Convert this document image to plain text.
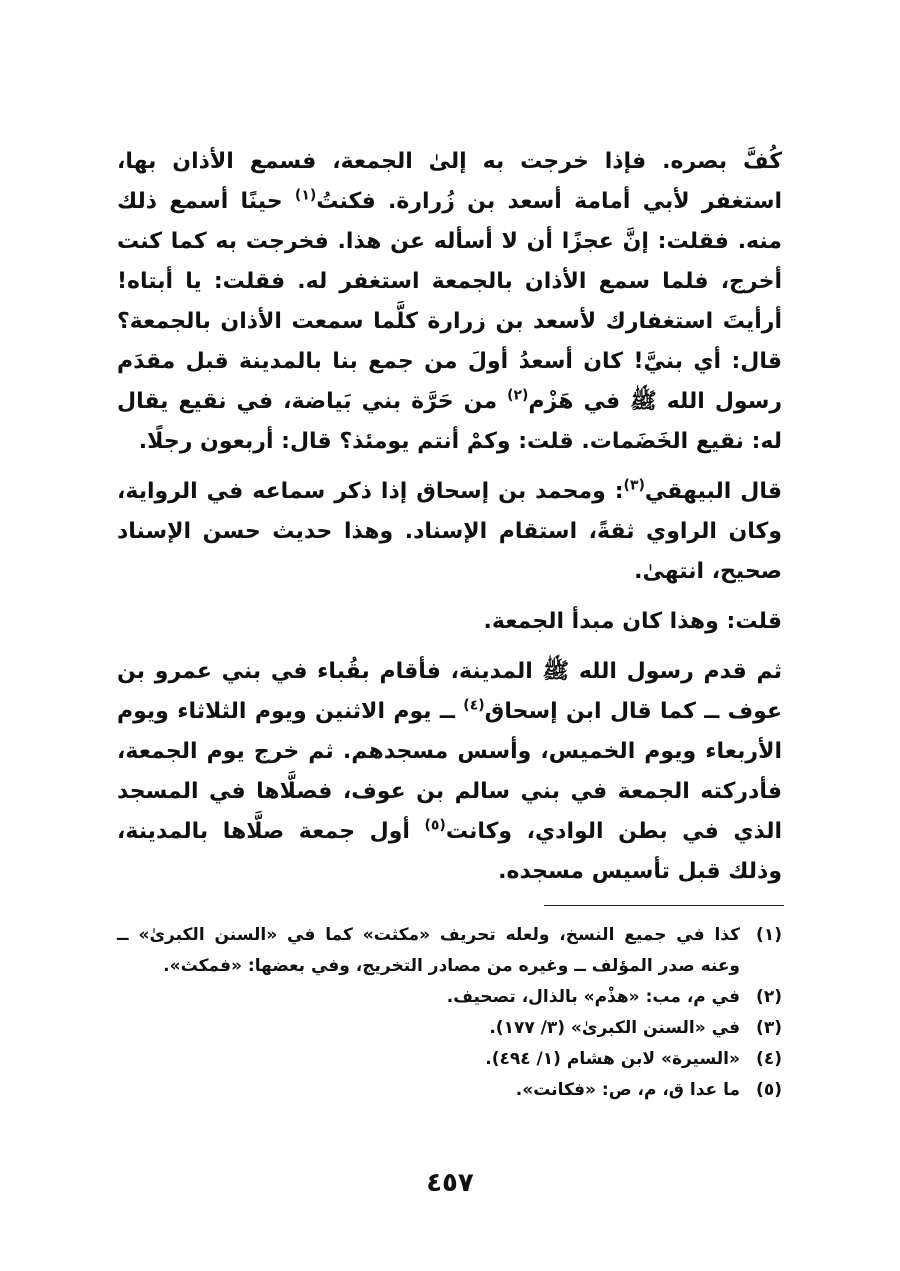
كُفَّ بصره. فإذا خرجت به إلىٰ الجمعة، فسمع الأذان بها، استغفر لأبي أمامة أسعد بن زُرارة. فكنتُ$^{(١)}$ حينًا أسمع ذلك منه. فقلت: إنَّ عجزًا أن لا أسأله عن هذا. فخرجت به كما كنت أخرج، فلما سمع الأذان بالجمعة استغفر له. فقلت: يا أبتاه! أرأيتَ استغفارك لأسعد بن زرارة كلَّما سمعت الأذان بالجمعة؟ قال: أي بنيَّ! كان أسعدُ أولَ من جمع بنا بالمدينة قبل مقدَم رسول الله ﷺ في هَزْم$^{(٢)}$ من حَرَّة بني بَياضة، في نقيع يقال له: نقيع الخَضَمات. قلت: وكمْ أنتم يومئذ؟ قال: أربعون رجلًا.

قال البيهقي$^{(٣)}$: ومحمد بن إسحاق إذا ذكر سماعه في الرواية، وكان الراوي ثقةً، استقام الإسناد. وهذا حديث حسن الإسناد صحيح، انتهىٰ.

قلت: وهذا كان مبدأ الجمعة.

ثم قدم رسول الله ﷺ المدينة، فأقام بقُباء في بني عمرو بن عوف ــ كما قال ابن إسحاق$^{(٤)}$ ــ يوم الاثنين ويوم الثلاثاء ويوم الأربعاء ويوم الخميس، وأسس مسجدهم. ثم خرج يوم الجمعة، فأدركته الجمعة في بني سالم بن عوف، فصلَّاها في المسجد الذي في بطن الوادي، وكانت$^{(٥)}$ أول جمعة صلَّاها بالمدينة، وذلك قبل تأسيس مسجده.

(١)
كذا في جميع النسخ، ولعله تحريف «مكثت» كما في «السنن الكبرىٰ» ــ وعنه صدر المؤلف ــ وغيره من مصادر التخريج، وفي بعضها: «فمكث».
(٢)
في م، مب: «هذْم» بالذال، تصحيف.
(٣)
في «السنن الكبرىٰ» (٣/ ١٧٧).
(٤)
«السيرة» لابن هشام (١/ ٤٩٤).
(٥)
ما عدا ق، م، ص: «فكانت».
٤٥٧
